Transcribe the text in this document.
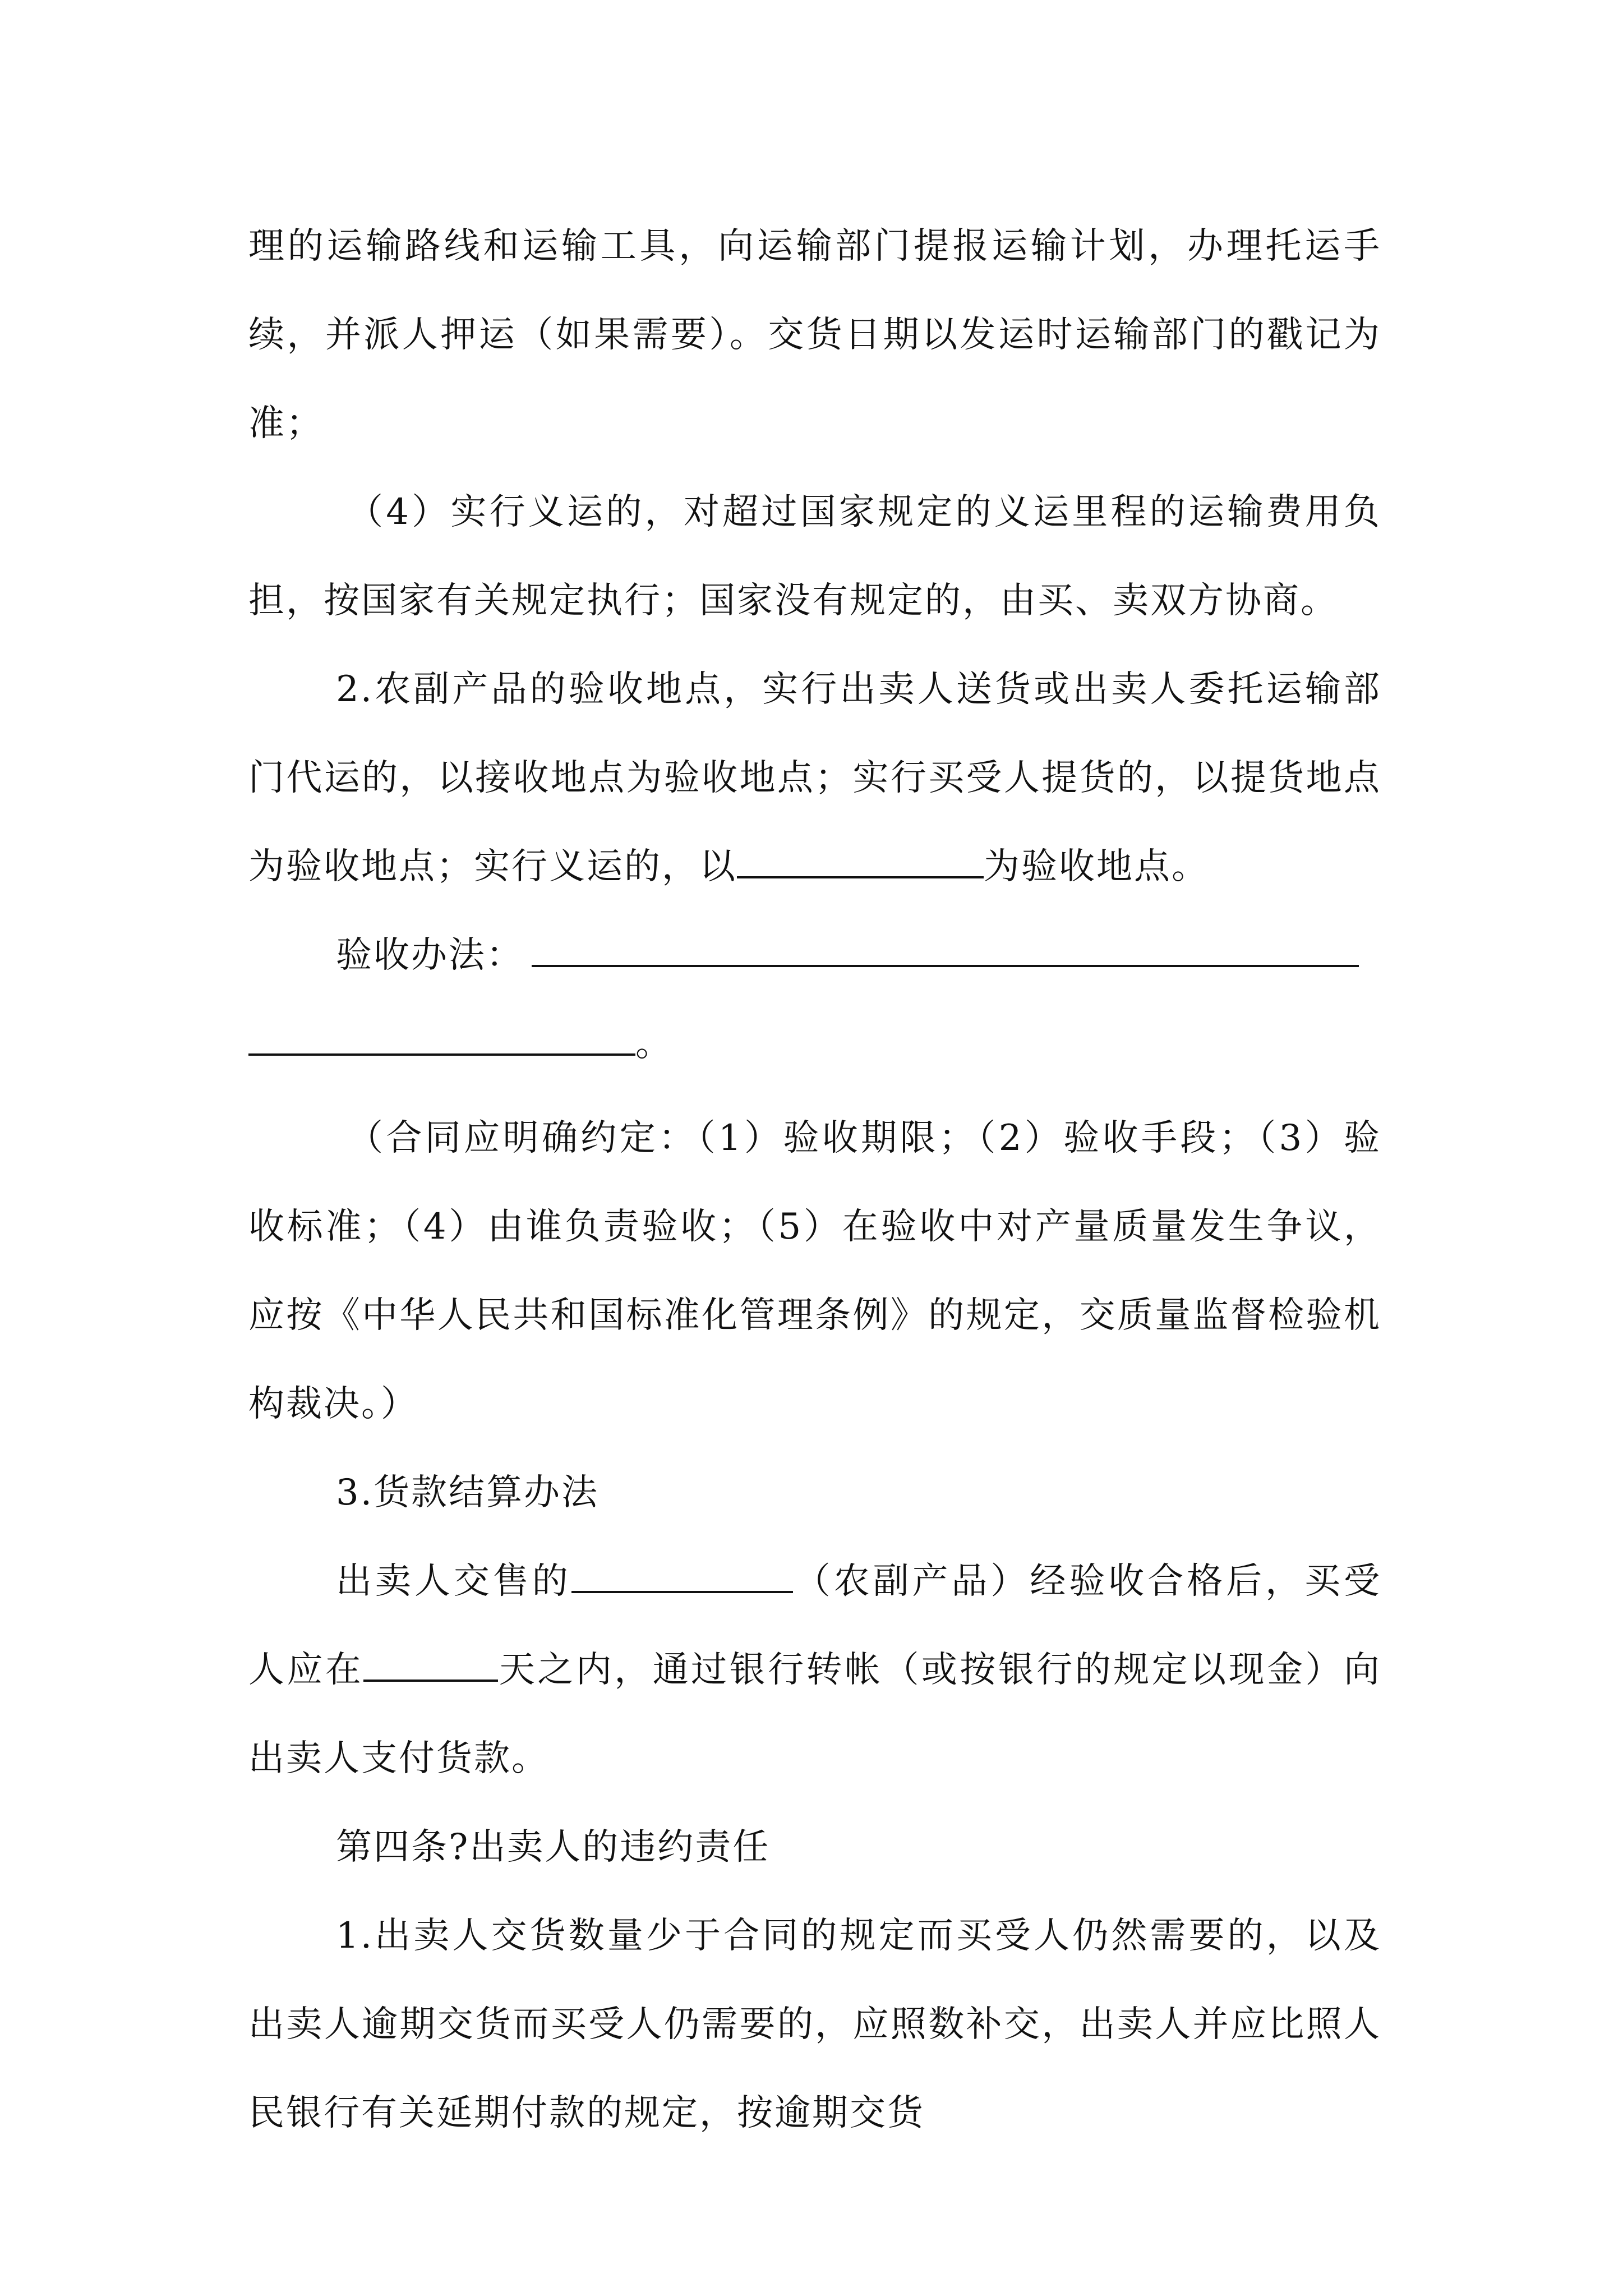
理的运输路线和运输工具，向运输部门提报运输计划，办理托运手续，并派人押运（如果需要）。交货日期以发运时运输部门的戳记为准；

（4）实行义运的，对超过国家规定的义运里程的运输费用负担，按国家有关规定执行；国家没有规定的，由买、卖双方协商。

2.农副产品的验收地点，实行出卖人送货或出卖人委托运输部门代运的，以接收地点为验收地点；实行买受人提货的，以提货地点为验收地点；实行义运的，以	为验收地点。

验收办法：
。

（合同应明确约定：（1）验收期限；（2）验收手段；（3）验收标准；（4）由谁负责验收；（5）在验收中对产量质量发生争议，应按《中华人民共和国标准化管理条例》的规定，交质量监督检验机构裁决。）

3.货款结算办法

出卖人交售的	（农副产品）经验收合格后，买受人应在	天之内，通过银行转帐（或按银行的规定以现金）向出卖人支付货款。

第四条?出卖人的违约责任

1.出卖人交货数量少于合同的规定而买受人仍然需要的，以及出卖人逾期交货而买受人仍需要的，应照数补交，出卖人并应比照人民银行有关延期付款的规定，按逾期交货
